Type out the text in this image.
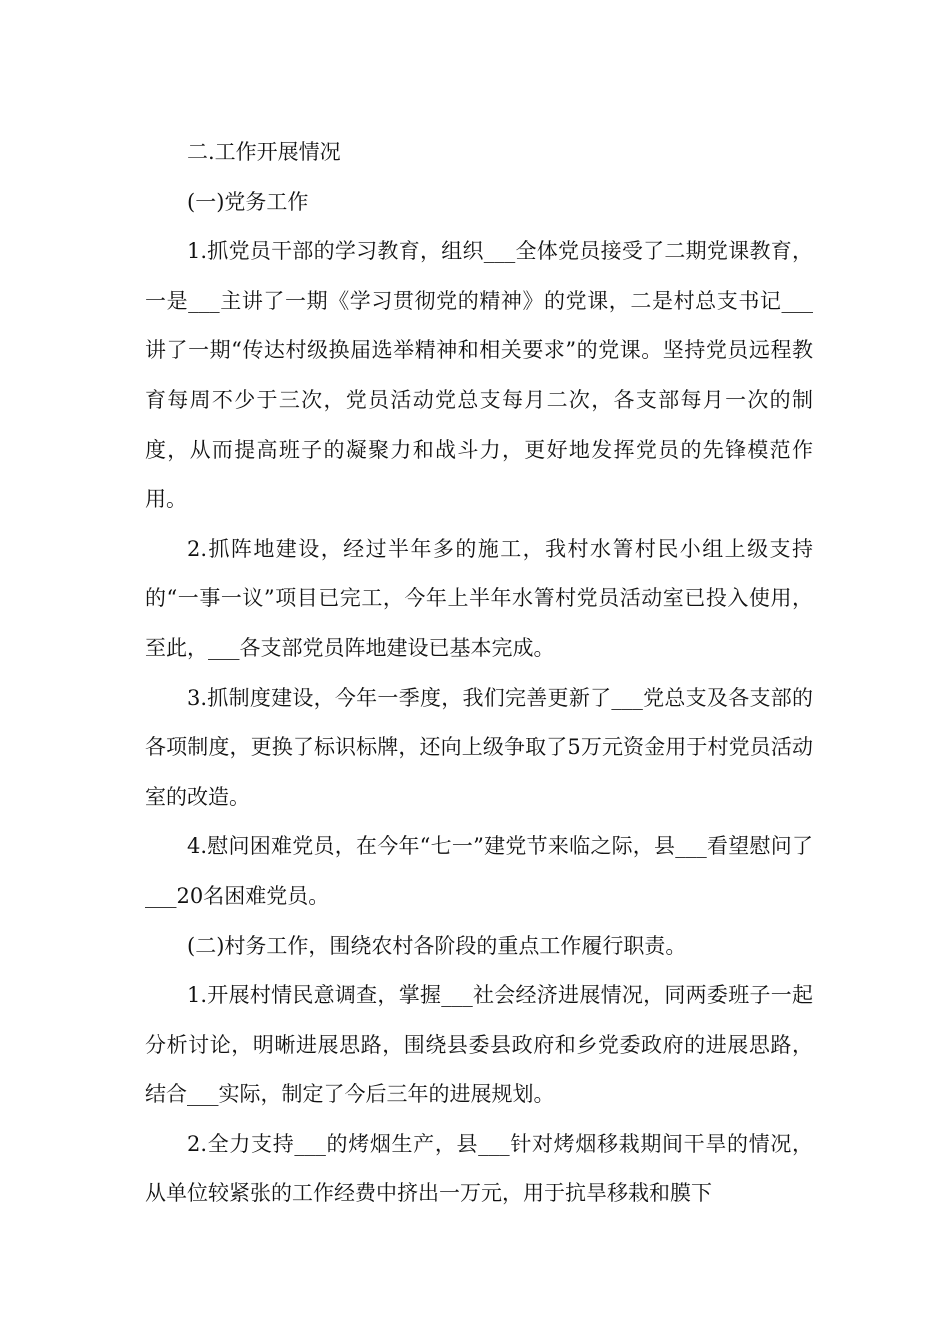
二.工作开展情况

(一)党务工作

1.抓党员干部的学习教育，组织___全体党员接受了二期党课教育，一是___主讲了一期《学习贯彻党的精神》的党课，二是村总支书记___讲了一期“传达村级换届选举精神和相关要求”的党课。坚持党员远程教育每周不少于三次，党员活动党总支每月二次，各支部每月一次的制度，从而提高班子的凝聚力和战斗力，更好地发挥党员的先锋模范作用。

2.抓阵地建设，经过半年多的施工，我村水箐村民小组上级支持的“一事一议”项目已完工，今年上半年水箐村党员活动室已投入使用，至此，___各支部党员阵地建设已基本完成。

3.抓制度建设，今年一季度，我们完善更新了___党总支及各支部的各项制度，更换了标识标牌，还向上级争取了5万元资金用于村党员活动室的改造。

4.慰问困难党员，在今年“七一”建党节来临之际，县___看望慰问了___20名困难党员。

(二)村务工作，围绕农村各阶段的重点工作履行职责。

1.开展村情民意调查，掌握___社会经济进展情况，同两委班子一起分析讨论，明晰进展思路，围绕县委县政府和乡党委政府的进展思路，结合___实际，制定了今后三年的进展规划。

2.全力支持___的烤烟生产，县___针对烤烟移栽期间干旱的情况，从单位较紧张的工作经费中挤出一万元，用于抗旱移栽和膜下
